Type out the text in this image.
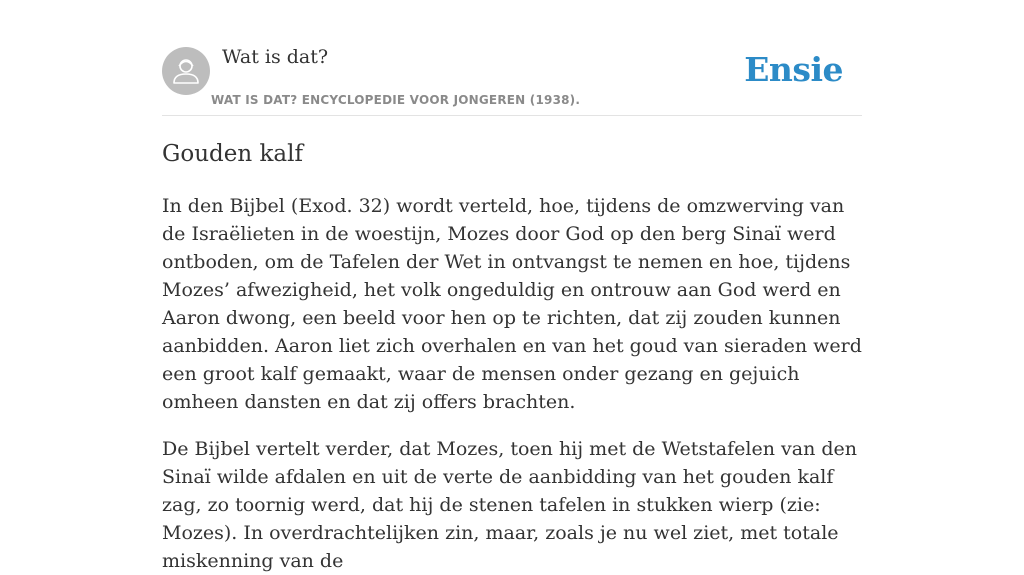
Wat is dat?
WAT IS DAT? ENCYCLOPEDIE VOOR JONGEREN (1938).
Ensie
Gouden kalf

In den Bijbel (Exod. 32) wordt verteld, hoe, tijdens de omzwerving van de Israëlieten in de woestijn, Mozes door God op den berg Sinaï werd ontboden, om de Tafelen der Wet in ontvangst te nemen en hoe, tijdens Mozes’ afwezigheid, het volk ongeduldig en ontrouw aan God werd en Aaron dwong, een beeld voor hen op te richten, dat zij zouden kunnen aanbidden. Aaron liet zich overhalen en van het goud van sieraden werd een groot kalf gemaakt, waar de mensen onder gezang en gejuich omheen dansten en dat zij offers brachten.

De Bijbel vertelt verder, dat Mozes, toen hij met de Wetstafelen van den Sinaï wilde afdalen en uit de verte de aanbidding van het gouden kalf zag, zo toornig werd, dat hij de stenen tafelen in stukken wierp (zie: Mozes). In overdrachtelijken zin, maar, zoals je nu wel ziet, met totale miskenning van de
